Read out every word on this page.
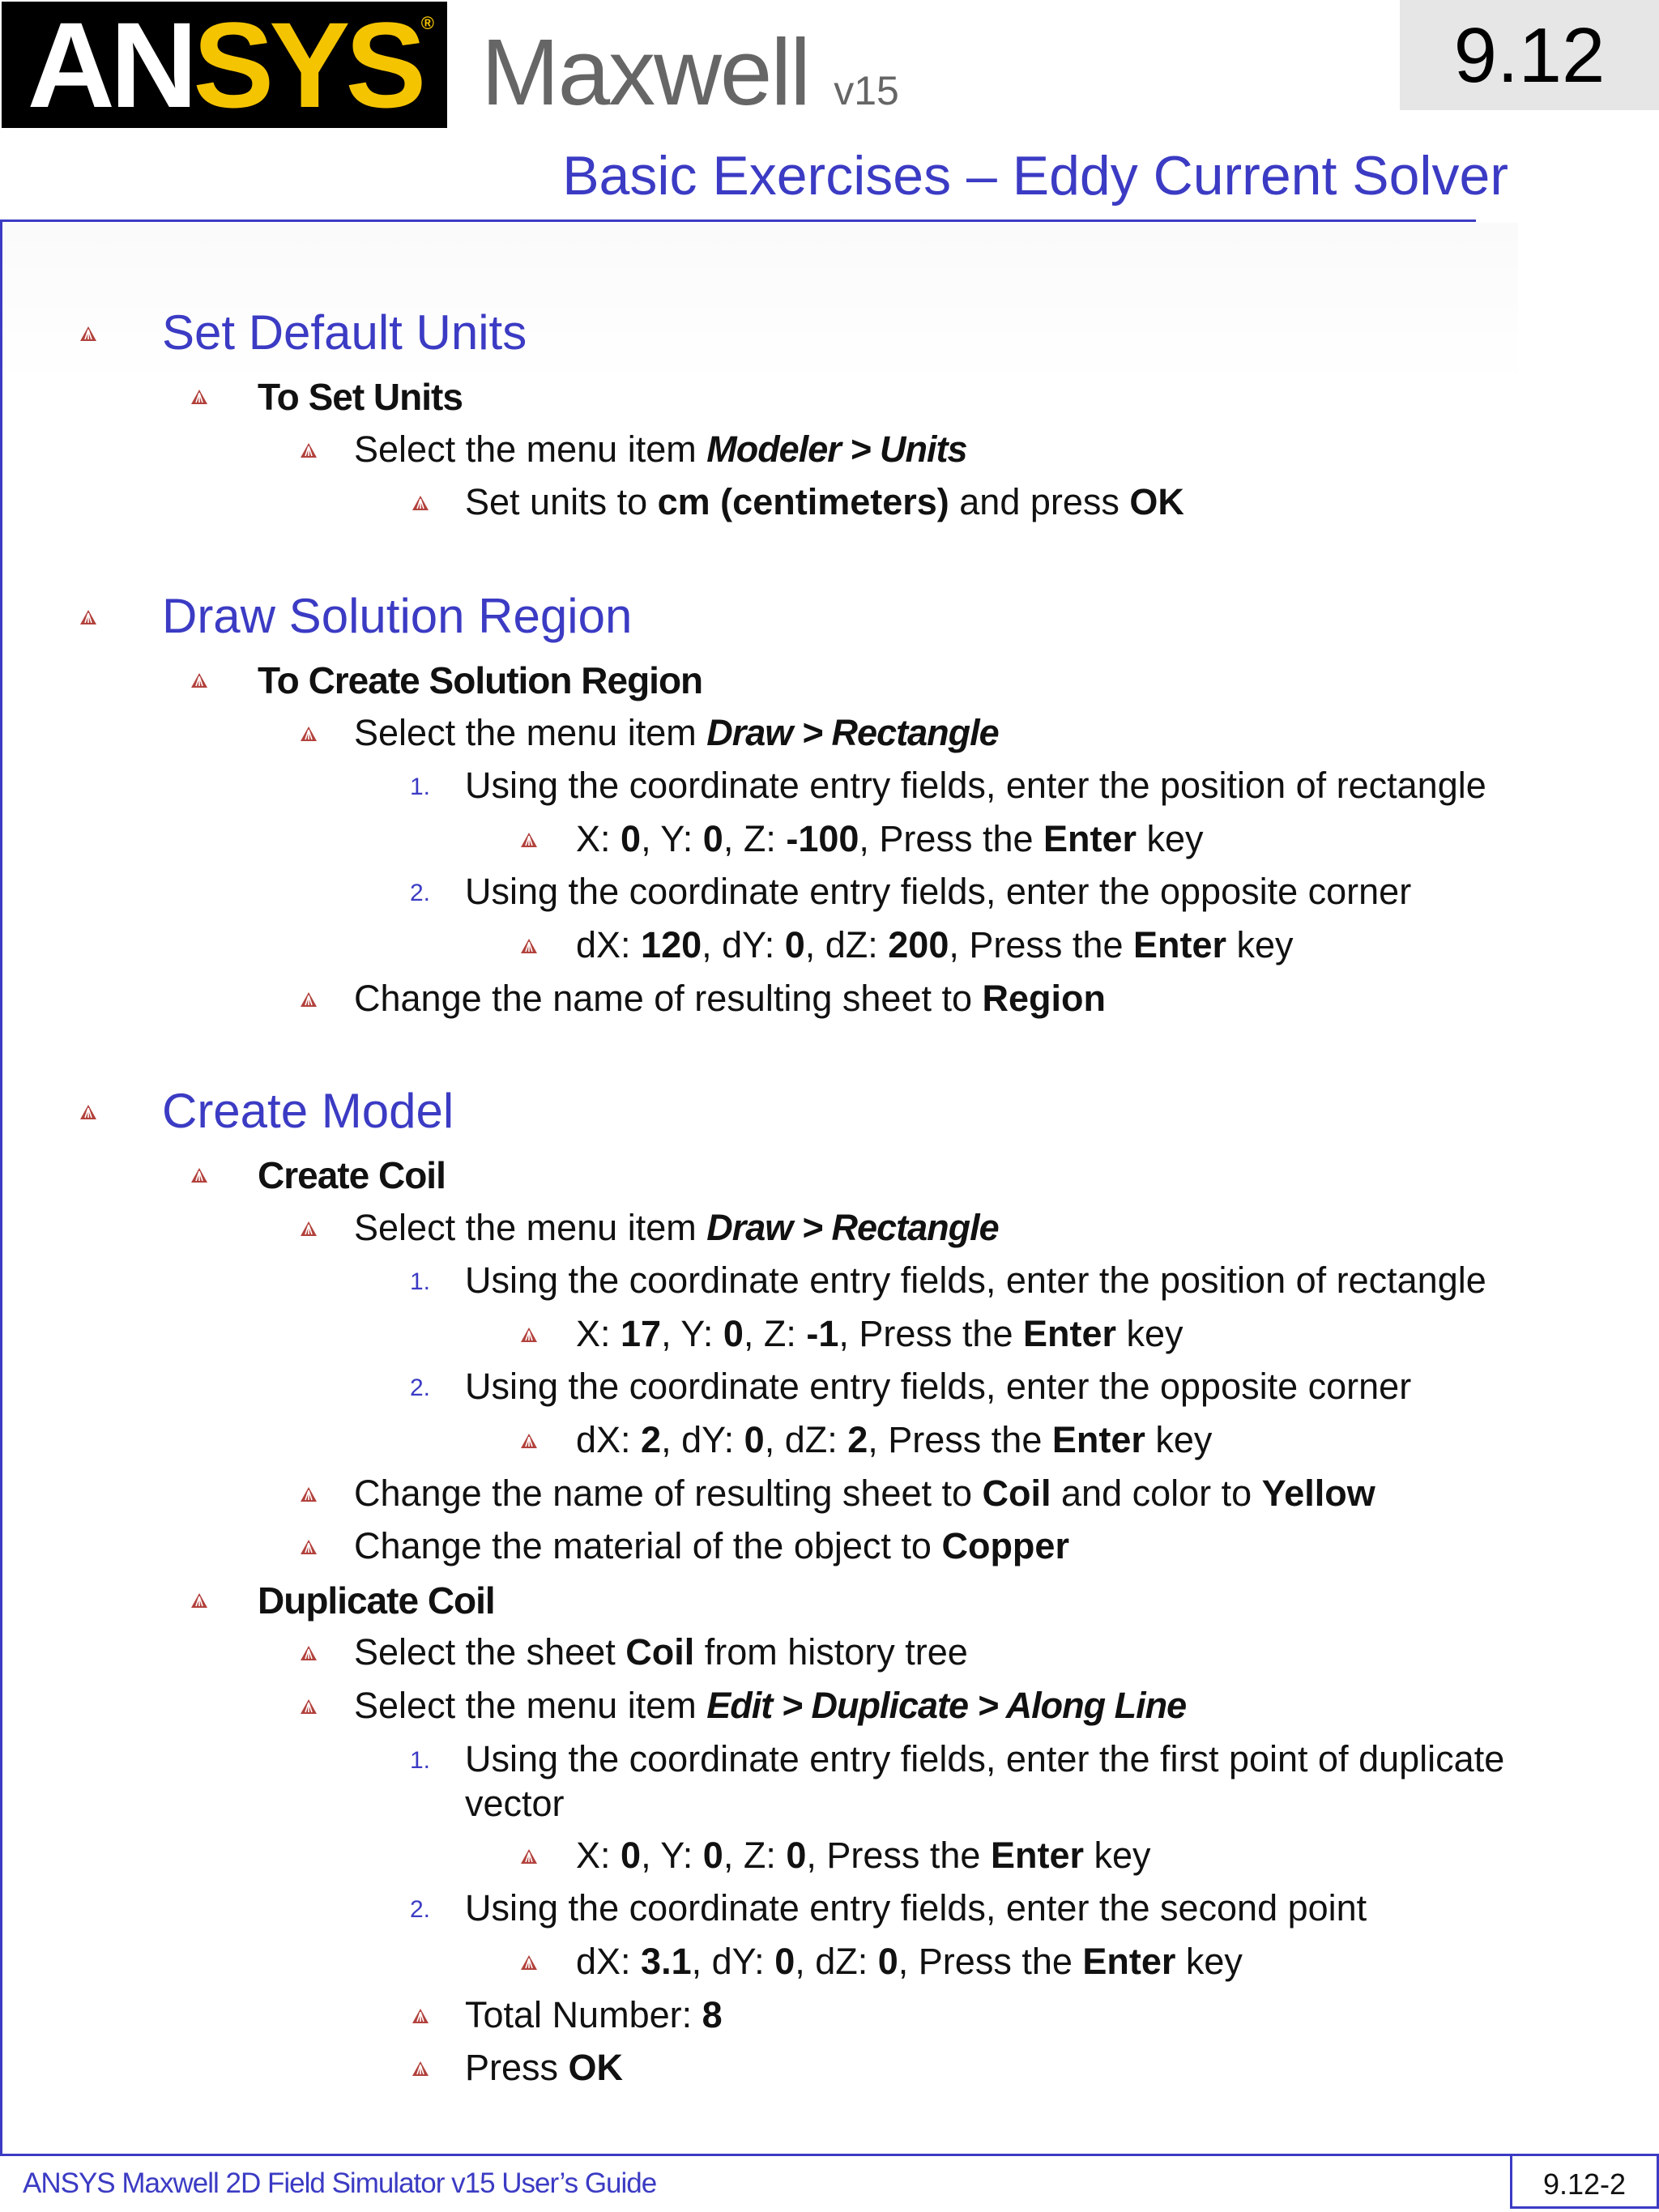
ANSYS ® Maxwell v15	9.12
Basic Exercises – Eddy Current Solver
Set Default Units
To Set Units
Select the menu item Modeler > Units
Set units to cm (centimeters) and press OK
Draw Solution Region
To Create Solution Region
Select the menu item Draw > Rectangle
1. Using the coordinate entry fields, enter the position of rectangle
X: 0, Y: 0, Z: -100, Press the Enter key
2. Using the coordinate entry fields, enter the opposite corner
dX: 120, dY: 0, dZ: 200, Press the Enter key
Change the name of resulting sheet to Region
Create Model
Create Coil
Select the menu item Draw > Rectangle
1. Using the coordinate entry fields, enter the position of rectangle
X: 17, Y: 0, Z: -1, Press the Enter key
2. Using the coordinate entry fields, enter the opposite corner
dX: 2, dY: 0, dZ: 2, Press the Enter key
Change the name of resulting sheet to Coil and color to Yellow
Change the material of the object to Copper
Duplicate Coil
Select the sheet Coil from history tree
Select the menu item Edit > Duplicate > Along Line
1. Using the coordinate entry fields, enter the first point of duplicate
vector
X: 0, Y: 0, Z: 0, Press the Enter key
2. Using the coordinate entry fields, enter the second point
dX: 3.1, dY: 0, dZ: 0, Press the Enter key
Total Number: 8
Press OK
ANSYS Maxwell 2D Field Simulator v15 User’s Guide	9.12-2
